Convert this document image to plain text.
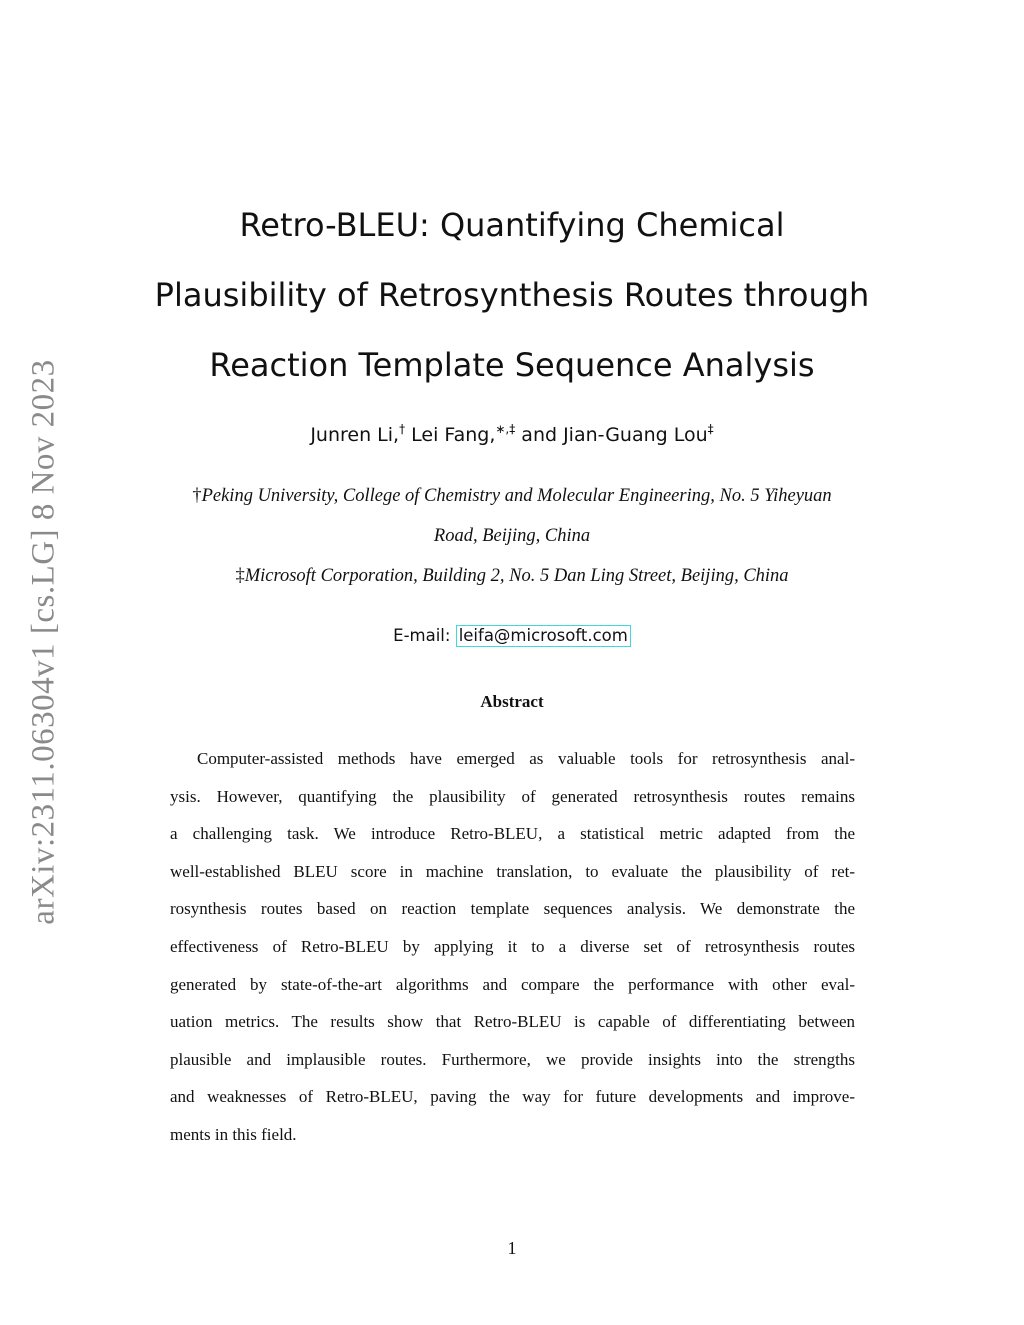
arXiv:2311.06304v1 [cs.LG] 8 Nov 2023
Retro-BLEU: Quantifying Chemical
Plausibility of Retrosynthesis Routes through
Reaction Template Sequence Analysis
Junren Li,† Lei Fang,∗,‡ and Jian-Guang Lou‡
†Peking University, College of Chemistry and Molecular Engineering, No. 5 Yiheyuan
Road, Beijing, China
‡Microsoft Corporation, Building 2, No. 5 Dan Ling Street, Beijing, China
E-mail: leifa@microsoft.com
Abstract
Computer-assisted methods have emerged as valuable tools for retrosynthesis anal-
ysis. However, quantifying the plausibility of generated retrosynthesis routes remains
a challenging task. We introduce Retro-BLEU, a statistical metric adapted from the
well-established BLEU score in machine translation, to evaluate the plausibility of ret-
rosynthesis routes based on reaction template sequences analysis. We demonstrate the
effectiveness of Retro-BLEU by applying it to a diverse set of retrosynthesis routes
generated by state-of-the-art algorithms and compare the performance with other eval-
uation metrics. The results show that Retro-BLEU is capable of differentiating between
plausible and implausible routes. Furthermore, we provide insights into the strengths
and weaknesses of Retro-BLEU, paving the way for future developments and improve-
ments in this field.
1
